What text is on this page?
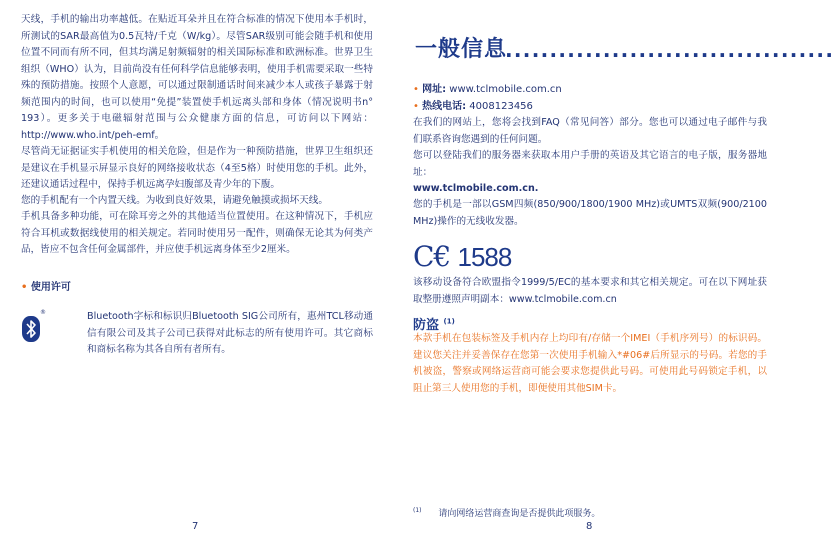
天线，手机的输出功率越低。在贴近耳朵并且在符合标准的情况下使用本手机时，所测试的SAR最高值为0.5瓦特/千克（W/kg）。尽管SAR级别可能会随手机和使用位置不同而有所不同，但其均满足射频辐射的相关国际标准和欧洲标准。世界卫生组织（WHO）认为，目前尚没有任何科学信息能够表明，使用手机需要采取一些特殊的预防措施。按照个人意愿，可以通过限制通话时间来减少本人或孩子暴露于射频范围内的时间，也可以使用“免提”装置使手机远离头部和身体（情况说明书n° 193）。更多关于电磁辐射范围与公众健康方面的信息，可访问以下网站：http://www.who.int/peh-emf。

尽管尚无证据证实手机使用的相关危险，但是作为一种预防措施，世界卫生组织还是建议在手机显示屏显示良好的网络接收状态（4至5格）时使用您的手机。此外，还建议通话过程中，保持手机远离孕妇腹部及青少年的下腹。

您的手机配有一个内置天线。为收到良好效果，请避免触摸或损坏天线。

手机具备多种功能，可在除耳旁之外的其他适当位置使用。在这种情况下，手机应符合耳机或数据线使用的相关规定。若同时使用另一配件，则确保无论其为何类产品，皆应不包含任何金属部件，并应使手机远离身体至少2厘米。

• 使用许可
®	Bluetooth字标和标识归Bluetooth SIG公司所有，惠州TCL移动通信有限公司及其子公司已获得对此标志的所有使用许可。其它商标和商标名称为其各自所有者所有。

7
一般信息
.....................................
• 网址: www.tclmobile.com.cn
• 热线电话: 4008123456

在我们的网站上，您将会找到FAQ（常见问答）部分。您也可以通过电子邮件与我们联系咨询您遇到的任何问题。

您可以登陆我们的服务器来获取本用户手册的英语及其它语言的电子版，服务器地址：

www.tclmobile.com.cn.

您的手机是一部以GSM四频(850/900/1800/1900 MHz)或UMTS双频(900/2100 MHz)操作的无线收发器。

C€ 1588

该移动设备符合欧盟指令1999/5/EC的基本要求和其它相关规定。可在以下网址获取整册遵照声明副本：www.tclmobile.com.cn

防盗 $^{(1)}$

本款手机在包装标签及手机内存上均印有/存储一个IMEI（手机序列号）的标识码。建议您关注并妥善保存在您第一次使用手机输入*#06#后所显示的号码。若您的手机被盗，警察或网络运营商可能会要求您提供此号码。可使用此号码锁定手机，以阻止第三人使用您的手机，即便使用其他SIM卡。

$^{(1)}$ 请向网络运营商查询是否提供此项服务。
8
